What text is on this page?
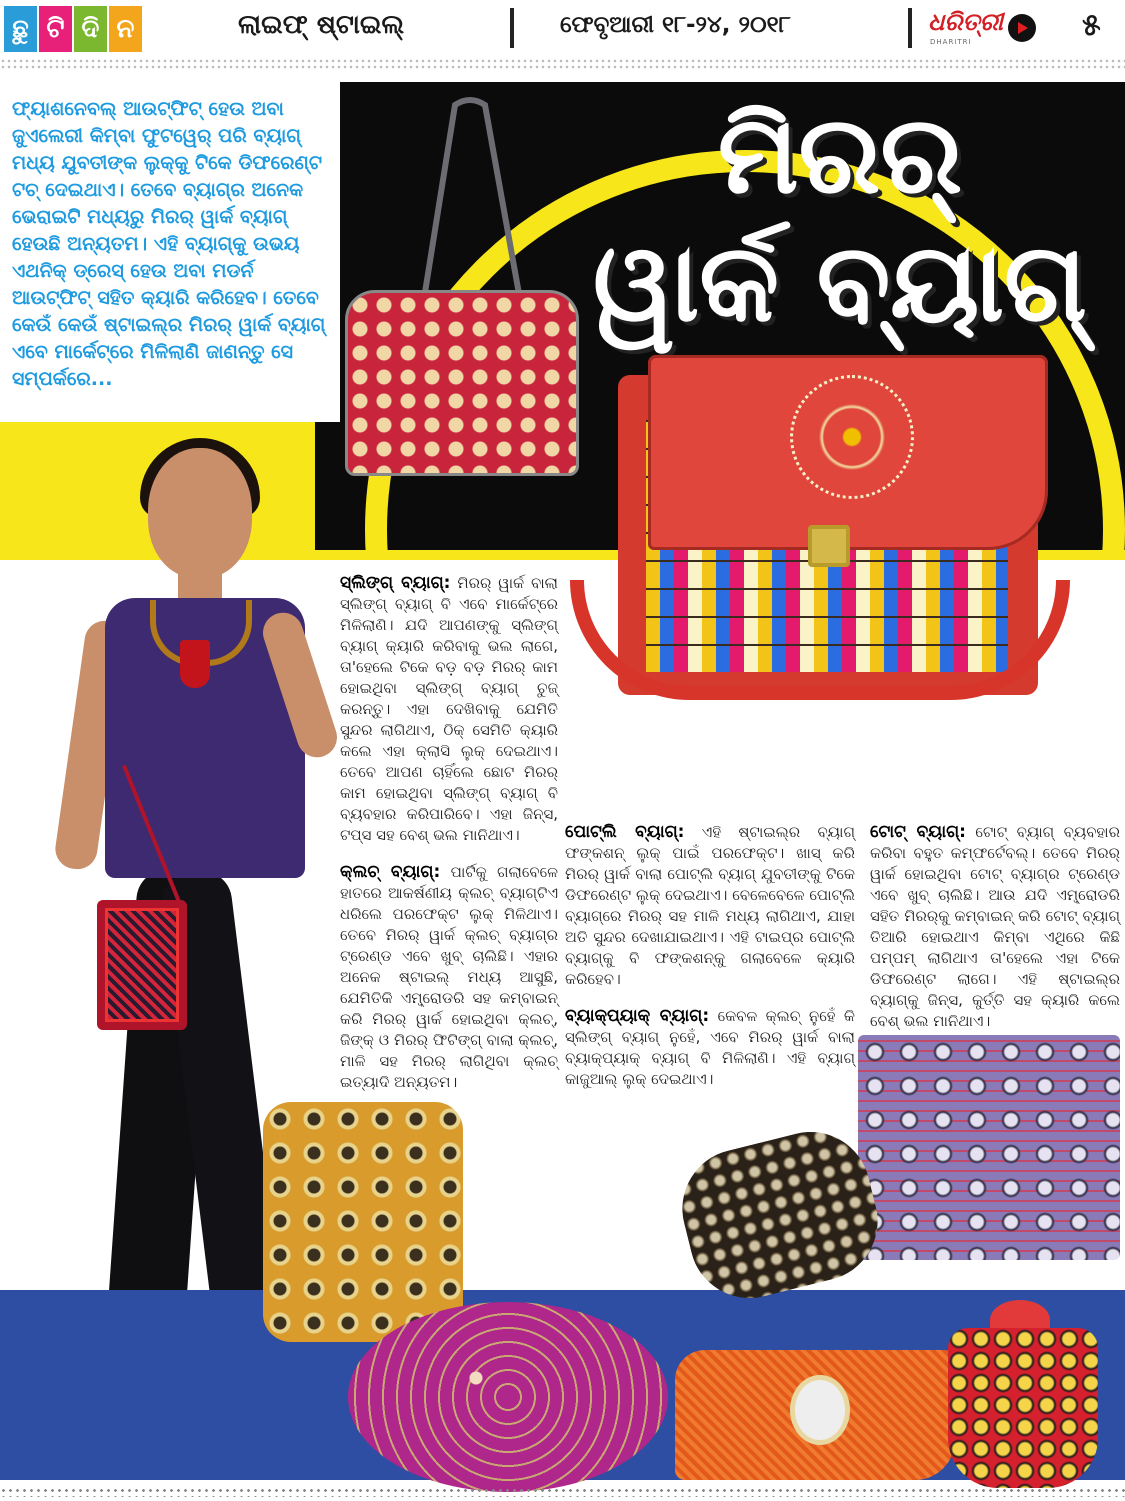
ଛୁ ଟି ଦି ନ	ଲାଇଫ୍ ଷ୍ଟାଇଲ୍	ଫେବୃଆରୀ ୧୮-୨୪, ୨୦୧୮	ଧରିତ୍ରୀ
DHARITRI	୫
ମିରର୍
ୱାର୍କ ବ୍ୟାଗ୍
ଫ୍ୟାଶନେବଲ୍ ଆଉଟ୍‌ଫିଟ୍ ହେଉ ଅବା ଜୁଏଲେରୀ କିମ୍ବା ଫୁଟୱେର୍ ପରି ବ୍ୟାଗ୍ ମଧ୍ୟ ଯୁବତୀଙ୍କ ଲୁକ୍‌କୁ ଟିକେ ଡିଫରେଣ୍ଟ ଟଚ୍ ଦେଇଥାଏ। ତେବେ ବ୍ୟାଗ୍‌ର ଅନେକ ଭେରାଇଟି ମଧ୍ୟରୁ ମିରର୍ ୱାର୍କ ବ୍ୟାଗ୍ ହେଉଛି ଅନ୍ୟତମ। ଏହି ବ୍ୟାଗ୍‌କୁ ଉଭୟ ଏଥନିକ୍ ଡ୍ରେସ୍ ହେଉ ଅବା ମଡର୍ନ ଆଉଟ୍‌ଫିଟ୍ ସହିତ କ୍ୟାରି କରିହେବ। ତେବେ କେଉଁ କେଉଁ ଷ୍ଟାଇଲ୍‌ର ମିରର୍ ୱାର୍କ ବ୍ୟାଗ୍ ଏବେ ମାର୍କେଟ୍‌ରେ ମିଳିଲାଣି ଜାଣନ୍ତୁ ସେ ସମ୍ପର୍କରେ...

ସ୍ଲିଙ୍ଗ୍ ବ୍ୟାଗ୍: ମିରର୍ ୱାର୍କ ବାଲା ସ୍ଲିଙ୍ଗ୍ ବ୍ୟାଗ୍ ବି ଏବେ ମାର୍କେଟ୍‌ରେ ମିଳିଲାଣି। ଯଦି ଆପଣଙ୍କୁ ସ୍ଲିଙ୍ଗ୍ ବ୍ୟାଗ୍ କ୍ୟାରି କରିବାକୁ ଭଲ ଲାଗେ, ତା'ହେଲେ ଟିକେ ବଡ଼ ବଡ଼ ମିରର୍ କାମ ହୋଇଥିବା ସ୍ଲିଙ୍ଗ୍ ବ୍ୟାଗ୍ ଚୁଜ୍ କରନ୍ତୁ। ଏହା ଦେଖିବାକୁ ଯେମିତି ସୁନ୍ଦର ଲାଗିଥାଏ, ଠିକ୍ ସେମିତି କ୍ୟାରି କଲେ ଏହା କ୍ଲାସି ଲୁକ୍ ଦେଇଥାଏ। ତେବେ ଆପଣ ଚାହିଁଲେ ଛୋଟ ମିରର୍ କାମ ହୋଇଥିବା ସ୍ଲିଙ୍ଗ୍ ବ୍ୟାଗ୍ ବି ବ୍ୟବହାର କରିପାରିବେ। ଏହା ଜିନ୍ସ, ଟପ୍ସ ସହ ବେଶ୍ ଭଲ ମାନିଥାଏ।

କ୍ଲଚ୍ ବ୍ୟାଗ୍: ପାର୍ଟିକୁ ଗଲାବେଳେ ହାତରେ ଆକର୍ଷଣୀୟ କ୍ଲଚ୍ ବ୍ୟାଗ୍‌ଟିଏ ଧରିଲେ ପରଫେକ୍ଟ ଲୁକ୍ ମିଳିଥାଏ। ତେବେ ମିରର୍ ୱାର୍କ କ୍ଲଚ୍ ବ୍ୟାଗ୍‌ର ଟ୍ରେଣ୍ଡ ଏବେ ଖୁବ୍ ଚାଲିଛି। ଏହାର ଅନେକ ଷ୍ଟାଇଲ୍ ମଧ୍ୟ ଆସୁଛି, ଯେମିତିକି ଏମ୍ବ୍ରୋଡରି ସହ କମ୍ବାଇନ୍ କରି ମିରର୍ ୱାର୍କ ହୋଇଥିବା କ୍ଲଚ୍, ଜିଙ୍କ୍ ଓ ମିରର୍ ଫିଟିଙ୍ଗ୍ ବାଲା କ୍ଲଚ୍, ମାଳି ସହ ମିରର୍ ଲାଗିଥିବା କ୍ଲଚ୍ ଇତ୍ୟାଦି ଅନ୍ୟତମ।

ପୋଟ୍‌ଲି ବ୍ୟାଗ୍: ଏହି ଷ୍ଟାଇଲ୍‌ର ବ୍ୟାଗ୍ ଫଙ୍କଶନ୍ ଲୁକ୍ ପାଇଁ ପରଫେକ୍ଟ। ଖାସ୍ କରି ମିରର୍ ୱାର୍କ ବାଲା ପୋଟ୍‌ଲି ବ୍ୟାଗ୍ ଯୁବତୀଙ୍କୁ ଟିକେ ଡିଫରେଣ୍ଟ ଲୁକ୍ ଦେଇଥାଏ। ବେଳେବେଳେ ପୋଟ୍‌ଲି ବ୍ୟାଗ୍‌ରେ ମିରର୍ ସହ ମାଳି ମଧ୍ୟ ଲାଗିଥାଏ, ଯାହା ଅତି ସୁନ୍ଦର ଦେଖାଯାଇଥାଏ। ଏହି ଟାଇପ୍‌ର ପୋଟ୍‌ଲି ବ୍ୟାଗ୍‌କୁ ବି ଫଙ୍କଶନ୍‌କୁ ଗଲାବେଳେ କ୍ୟାରି କରିହେବ।

ବ୍ୟାକ୍‌ପ୍ୟାକ୍ ବ୍ୟାଗ୍: କେବଳ କ୍ଲଚ୍ ନୁହେଁ କି ସ୍ଲିଙ୍ଗ୍ ବ୍ୟାଗ୍ ନୁହେଁ, ଏବେ ମିରର୍ ୱାର୍କ ବାଲା ବ୍ୟାକ୍‌ପ୍ୟାକ୍ ବ୍ୟାଗ୍ ବି ମିଳିଲାଣି। ଏହି ବ୍ୟାଗ୍ କାଜୁଆଲ୍ ଲୁକ୍ ଦେଇଥାଏ।

ଟୋଟ୍ ବ୍ୟାଗ୍: ଟୋଟ୍ ବ୍ୟାଗ୍ ବ୍ୟବହାର କରିବା ବହୁତ କମ୍ଫର୍ଟେବଲ୍। ତେବେ ମିରର୍ ୱାର୍କ ହୋଇଥିବା ଟୋଟ୍ ବ୍ୟାଗ୍‌ର ଟ୍ରେଣ୍ଡ ଏବେ ଖୁବ୍ ଚାଲିଛି। ଆଉ ଯଦି ଏମ୍ବ୍ରୋଡରି ସହିତ ମିରର୍‌କୁ କମ୍ବାଇନ୍ କରି ଟୋଟ୍ ବ୍ୟାଗ୍ ତିଆରି ହୋଇଥାଏ କିମ୍ବା ଏଥିରେ କିଛି ପମ୍ପମ୍ ଲାଗିଥାଏ ତା'ହେଲେ ଏହା ଟିକେ ଡିଫରେଣ୍ଟ ଲାଗେ। ଏହି ଷ୍ଟାଇଲ୍‌ର ବ୍ୟାଗ୍‌କୁ ଜିନ୍ସ, କୁର୍ତ୍ତି ସହ କ୍ୟାରି କଲେ ବେଶ୍ ଭଲ ମାନିଥାଏ।
